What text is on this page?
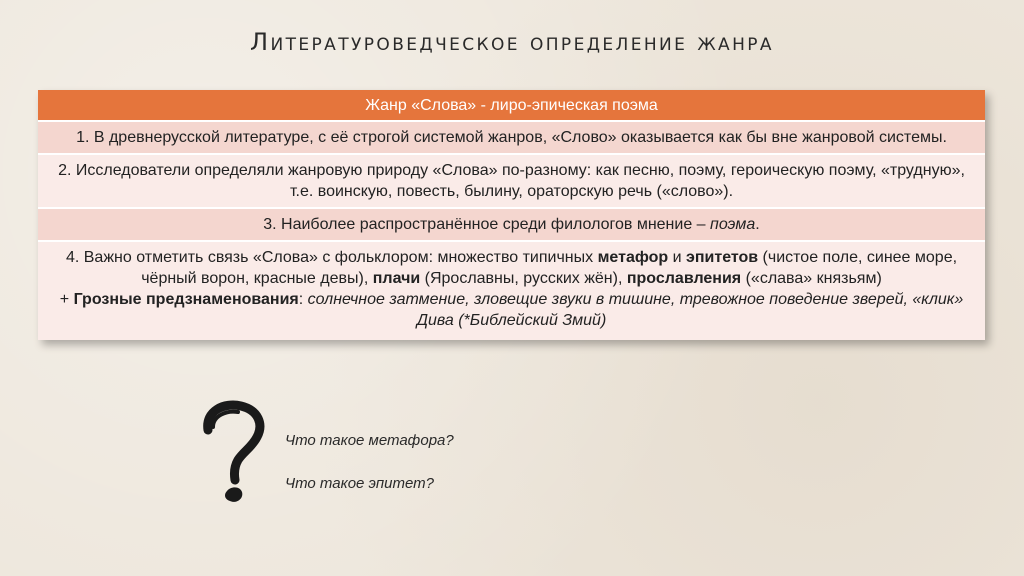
Литературоведческое определение жанра
Жанр «Слова» - лиро-эпическая поэма
1. В древнерусской литературе, с её строгой системой жанров, «Слово» оказывается как бы вне жанровой системы.
2. Исследователи определяли жанровую природу «Слова» по-разному: как песню, поэму, героическую поэму, «трудную», т.е. воинскую, повесть, былину, ораторскую речь («слово»).
3. Наиболее распространённое среди филологов мнение – поэма.
4. Важно отметить связь «Слова» с фольклором: множество типичных метафор и эпитетов (чистое поле, синее море, чёрный ворон, красные девы), плачи (Ярославны, русских жён), прославления («слава» князьям)
+ Грозные предзнаменования: солнечное затмение, зловещие звуки в тишине, тревожное поведение зверей, «клик» Дива (*Библейский Змий)
Что такое метафора?
Что такое эпитет?
